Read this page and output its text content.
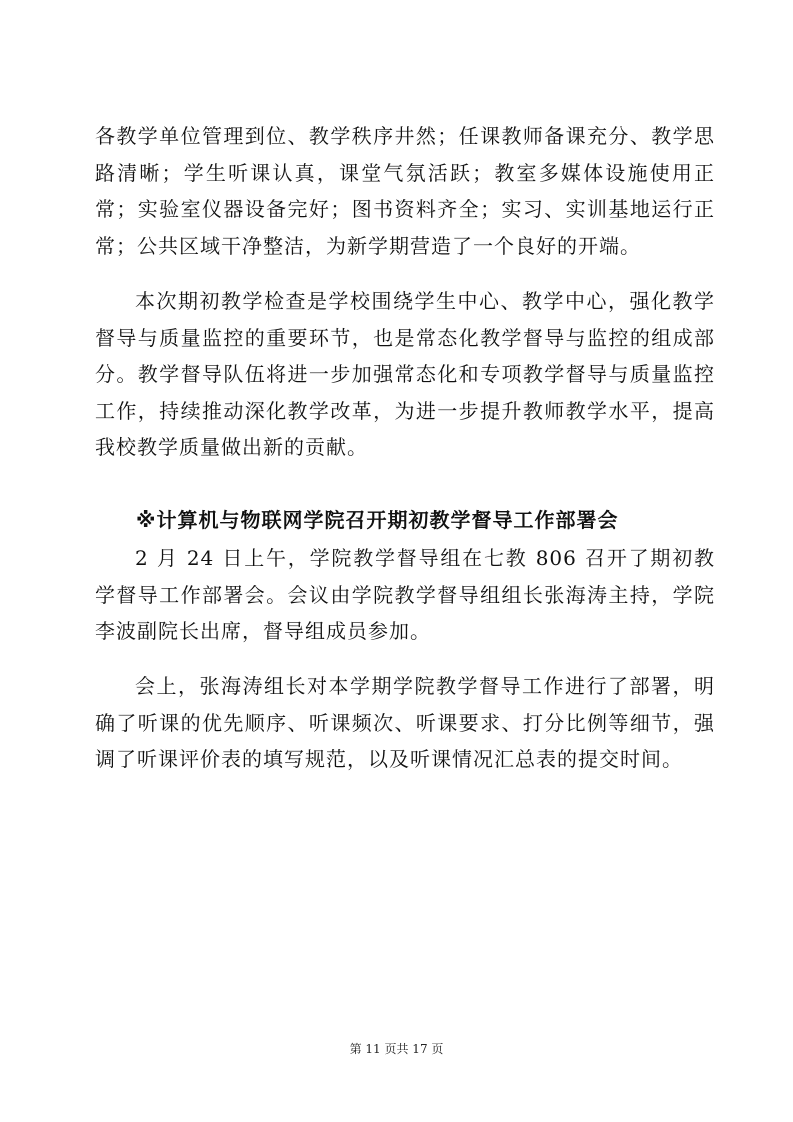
各教学单位管理到位、教学秩序井然；任课教师备课充分、教学思路清晰；学生听课认真，课堂气氛活跃；教室多媒体设施使用正常；实验室仪器设备完好；图书资料齐全；实习、实训基地运行正常；公共区域干净整洁，为新学期营造了一个良好的开端。

本次期初教学检查是学校围绕学生中心、教学中心，强化教学督导与质量监控的重要环节，也是常态化教学督导与监控的组成部分。教学督导队伍将进一步加强常态化和专项教学督导与质量监控工作，持续推动深化教学改革，为进一步提升教师教学水平，提高我校教学质量做出新的贡献。

※计算机与物联网学院召开期初教学督导工作部署会

2 月 24 日上午，学院教学督导组在七教 806 召开了期初教学督导工作部署会。会议由学院教学督导组组长张海涛主持，学院李波副院长出席，督导组成员参加。

会上，张海涛组长对本学期学院教学督导工作进行了部署，明确了听课的优先顺序、听课频次、听课要求、打分比例等细节，强调了听课评价表的填写规范，以及听课情况汇总表的提交时间。

第 11 页共 17 页
